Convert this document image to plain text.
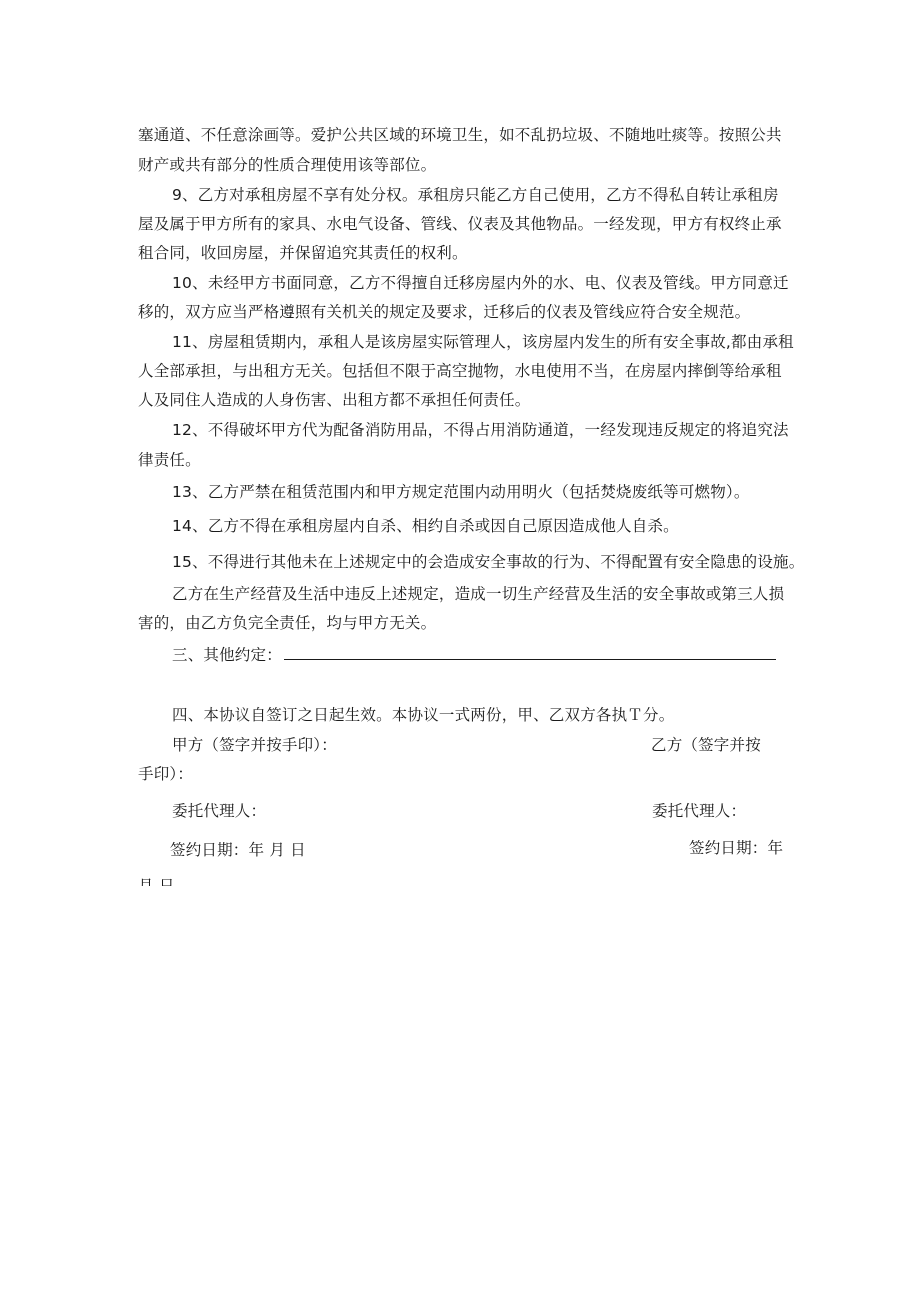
塞通道、不任意涂画等。爱护公共区域的环境卫生，如不乱扔垃圾、不随地吐痰等。按照公共
财产或共有部分的性质合理使用该等部位。
9、乙方对承租房屋不享有处分权。承租房只能乙方自己使用，乙方不得私自转让承租房
屋及属于甲方所有的家具、水电气设备、管线、仪表及其他物品。一经发现，甲方有权终止承
租合同，收回房屋，并保留追究其责任的权利。
10、未经甲方书面同意，乙方不得擅自迁移房屋内外的水、电、仪表及管线。甲方同意迁
移的，双方应当严格遵照有关机关的规定及要求，迁移后的仪表及管线应符合安全规范。
11、房屋租赁期内，承租人是该房屋实际管理人，该房屋内发生的所有安全事故,都由承租
人全部承担，与出租方无关。包括但不限于高空抛物，水电使用不当，在房屋内摔倒等给承租
人及同住人造成的人身伤害、出租方都不承担任何责任。
12、不得破坏甲方代为配备消防用品，不得占用消防通道，一经发现违反规定的将追究法
律责任。
13、乙方严禁在租赁范围内和甲方规定范围内动用明火（包括焚烧废纸等可燃物）。
14、乙方不得在承租房屋内自杀、相约自杀或因自己原因造成他人自杀。
15、不得进行其他未在上述规定中的会造成安全事故的行为、不得配置有安全隐患的设施。
乙方在生产经营及生活中违反上述规定，造成一切生产经营及生活的安全事故或第三人损
害的，由乙方负完全责任，均与甲方无关。
三、其他约定：
四、本协议自签订之日起生效。本协议一式两份，甲、乙双方各执Ｔ分。
甲方（签字并按手印）：	乙方（签字并按
手印）：
委托代理人：	委托代理人：
签约日期：年 月 日	签约日期：年
